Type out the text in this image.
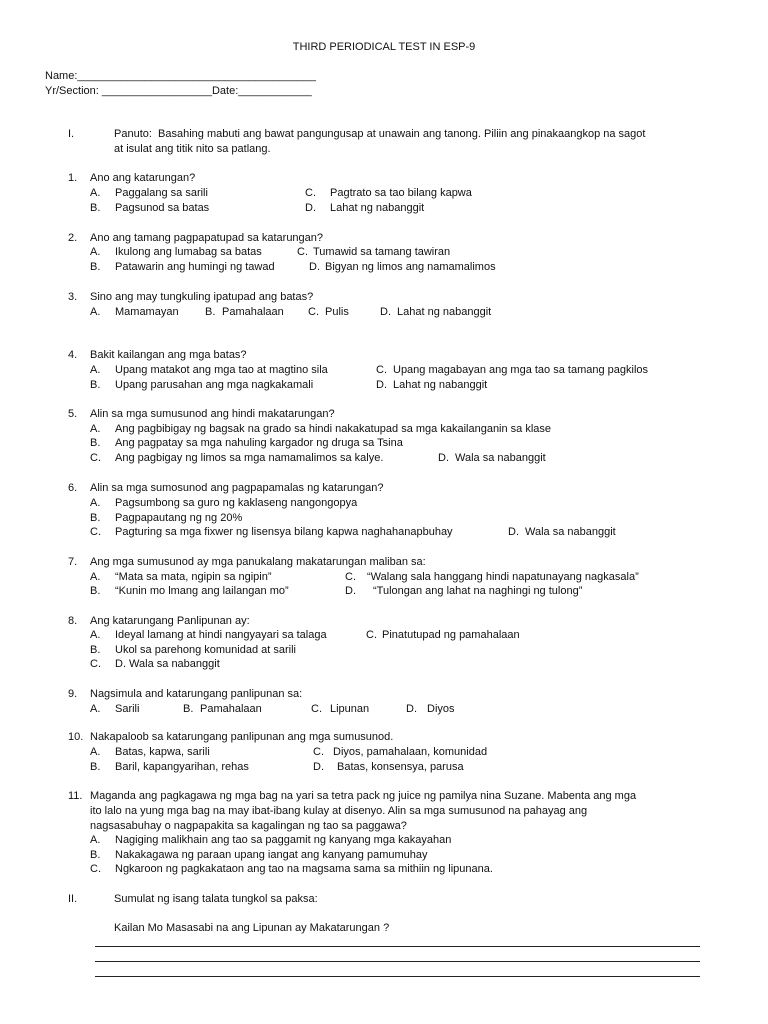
THIRD PERIODICAL TEST IN ESP-9
Name:_______________________________________
Yr/Section: __________________Date:____________
I.	Panuto:  Basahing mabuti ang bawat pangungusap at unawain ang tanong. Piliin ang pinakaangkop na sagot
at isulat ang titik nito sa patlang.
1. Ano ang katarungan?
A. Paggalang sa sarili	C. Pagtrato sa tao bilang kapwa
B. Pagsunod sa batas	D. Lahat ng nabanggit
2. Ano ang tamang pagpapatupad sa katarungan?
A. Ikulong ang lumabag sa batas	C. Tumawid sa tamang tawiran
B. Patawarin ang humingi ng tawad	D. Bigyan ng limos ang namamalimos
3. Sino ang may tungkuling ipatupad ang batas?
A. Mamamayan B. Pamahalaan C. Pulis	D. Lahat ng nabanggit
4. Bakit kailangan ang mga batas?
A. Upang matakot ang mga tao at magtino sila	C. Upang magabayan ang mga tao sa tamang pagkilos
B. Upang parusahan ang mga nagkakamali	D. Lahat ng nabanggit
5. Alin sa mga sumusunod ang hindi makatarungan?
A. Ang pagbibigay ng bagsak na grado sa hindi nakakatupad sa mga kakailanganin sa klase
B. Ang pagpatay sa mga nahuling kargador ng druga sa Tsina
C. Ang pagbigay ng limos sa mga namamalimos sa kalye.	D. Wala sa nabanggit
6. Alin sa mga sumosunod ang pagpapamalas ng katarungan?
A. Pagsumbong sa guro ng kaklaseng nangongopya
B. Pagpapautang ng ng 20%
C. Pagturing sa mga fixwer ng lisensya bilang kapwa naghahanapbuhay	D. Wala sa nabanggit
7. Ang mga sumusunod ay mga panukalang makatarungan maliban sa:
A. “Mata sa mata, ngipin sa ngipin”	C. “Walang sala hanggang hindi napatunayang nagkasala”
B. “Kunin mo lmang ang lailangan mo”	D. “Tulongan ang lahat na naghingi ng tulong”
8. Ang katarungang Panlipunan ay:
A. Ideyal lamang at hindi nangyayari sa talaga	C. Pinatutupad ng pamahalaan
B. Ukol sa parehong komunidad at sarili
C. D. Wala sa nabanggit
9. Nagsimula and katarungang panlipunan sa:
A. Sarili	B. Pamahalaan	C. Lipunan	D. Diyos
10. Nakapaloob sa katarungang panlipunan ang mga sumusunod.
A. Batas, kapwa, sarili	C. Diyos, pamahalaan, komunidad
B. Baril, kapangyarihan, rehas	D. Batas, konsensya, parusa
11. Maganda ang pagkagawa ng mga bag na yari sa tetra pack ng juice ng pamilya nina Suzane. Mabenta ang mga
ito lalo na yung mga bag na may ibat-ibang kulay at disenyo. Alin sa mga sumusunod na pahayag ang
nagsasabuhay o nagpapakita sa kagalingan ng tao sa paggawa?
A. Nagiging malikhain ang tao sa paggamit ng kanyang mga kakayahan
B. Nakakagawa ng paraan upang iangat ang kanyang pamumuhay
C. Ngkaroon ng pagkakataon ang tao na magsama sama sa mithiin ng lipunana.
II.	Sumulat ng isang talata tungkol sa paksa:
Kailan Mo Masasabi na ang Lipunan ay Makatarungan ?
